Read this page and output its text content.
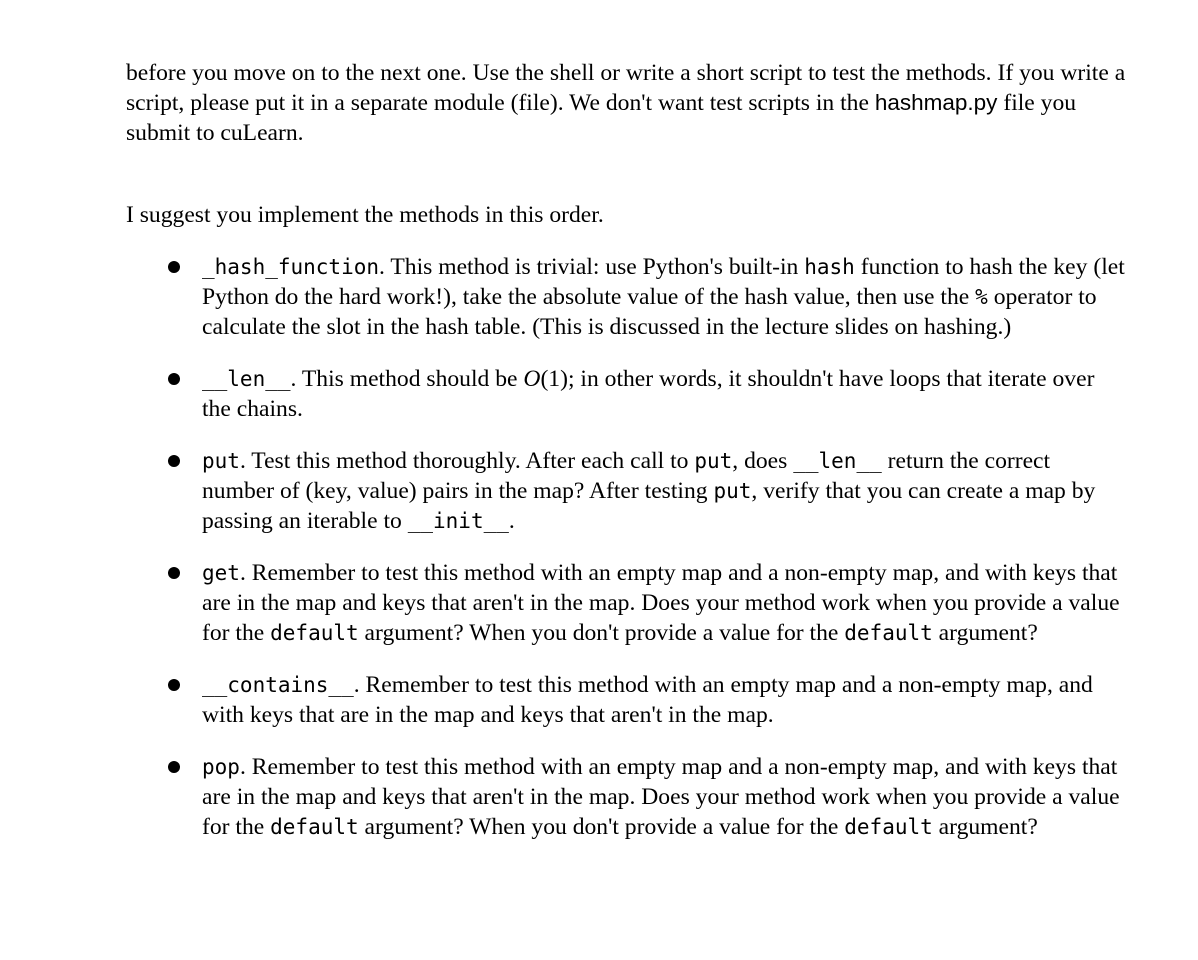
before you move on to the next one. Use the shell or write a short script to test the methods. If you write a script, please put it in a separate module (file). We don't want test scripts in the hashmap.py file you submit to cuLearn.

I suggest you implement the methods in this order.

_hash_function. This method is trivial: use Python's built-in hash function to hash the key (let Python do the hard work!), take the absolute value of the hash value, then use the % operator to calculate the slot in the hash table. (This is discussed in the lecture slides on hashing.)
__len__. This method should be O(1); in other words, it shouldn't have loops that iterate over the chains.
put. Test this method thoroughly. After each call to put, does __len__ return the correct number of (key, value) pairs in the map? After testing put, verify that you can create a map by passing an iterable to __init__.
get. Remember to test this method with an empty map and a non-empty map, and with keys that are in the map and keys that aren't in the map. Does your method work when you provide a value for the default argument? When you don't provide a value for the default argument?
__contains__. Remember to test this method with an empty map and a non-empty map, and with keys that are in the map and keys that aren't in the map.
pop. Remember to test this method with an empty map and a non-empty map, and with keys that are in the map and keys that aren't in the map. Does your method work when you provide a value for the default argument? When you don't provide a value for the default argument?
